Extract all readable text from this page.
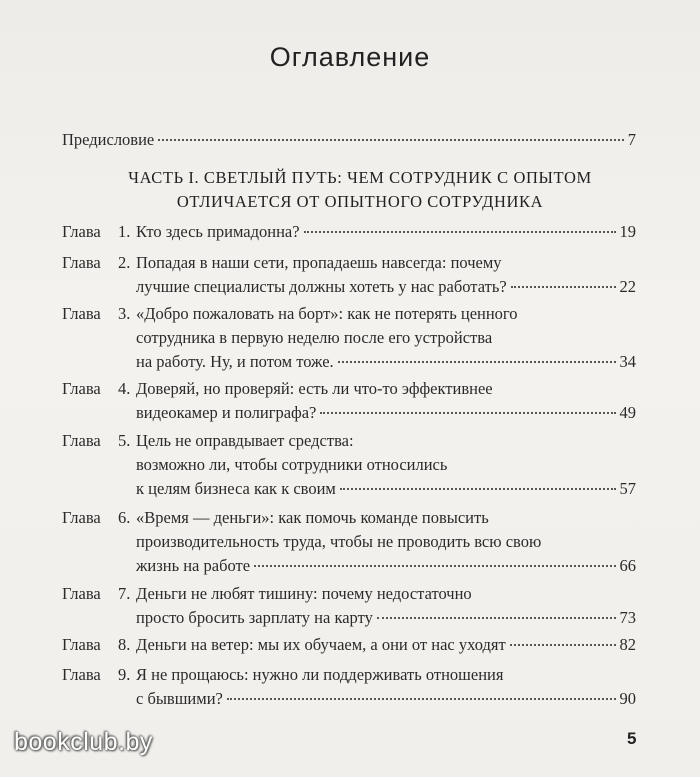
Оглавление
Предисловие	7
ЧАСТЬ I. СВЕТЛЫЙ ПУТЬ: ЧЕМ СОТРУДНИК С ОПЫТОМ
ОТЛИЧАЕТСЯ ОТ ОПЫТНОГО СОТРУДНИКА
Глава	1. Кто здесь примадонна?	19
Глава	2. Попадая в наши сети, пропадаешь навсегда: почему
лучшие специалисты должны хотеть у нас работать?	22
Глава	3. «Добро пожаловать на борт»: как не потерять ценного
сотрудника в первую неделю после его устройства
на работу. Ну, и потом тоже.	34
Глава	4. Доверяй, но проверяй: есть ли что-то эффективнее
видеокамер и полиграфа?	49
Глава	5. Цель не оправдывает средства:
возможно ли, чтобы сотрудники относились
к целям бизнеса как к своим	57
Глава	6. «Время — деньги»: как помочь команде повысить
производительность труда, чтобы не проводить всю свою
жизнь на работе	66
Глава	7. Деньги не любят тишину: почему недостаточно
просто бросить зарплату на карту	73
Глава	8. Деньги на ветер: мы их обучаем, а они от нас уходят	82
Глава	9. Я не прощаюсь: нужно ли поддерживать отношения
с бывшими?	90
bookclub.by	5
